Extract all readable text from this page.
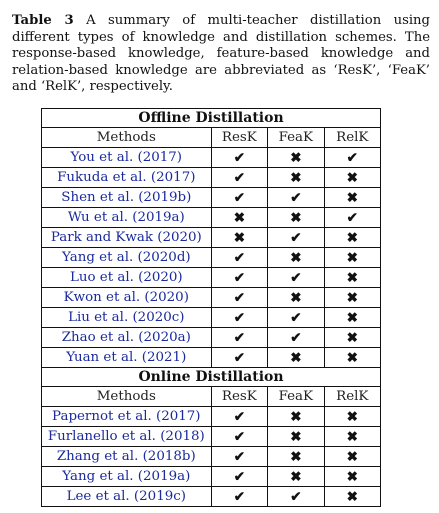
Table 3 A summary of multi-teacher distillation using different types of knowledge and distillation schemes. The response-based knowledge, feature-based knowledge and relation-based knowledge are abbreviated as ‘ResK’, ‘FeaK’ and ‘RelK’, respectively.
Offline Distillation			
Methods	ResK	FeaK	RelK
You et al. (2017)	✔	✖	✔
Fukuda et al. (2017)	✔	✖	✖
Shen et al. (2019b)	✔	✔	✖
Wu et al. (2019a)	✖	✖	✔
Park and Kwak (2020)	✖	✔	✖
Yang et al. (2020d)	✔	✖	✖
Luo et al. (2020)	✔	✔	✖
Kwon et al. (2020)	✔	✖	✖
Liu et al. (2020c)	✔	✔	✖
Zhao et al. (2020a)	✔	✔	✖
Yuan et al. (2021)	✔	✖	✖
Online Distillation			
Methods	ResK	FeaK	RelK
Papernot et al. (2017)	✔	✖	✖
Furlanello et al. (2018)	✔	✖	✖
Zhang et al. (2018b)	✔	✖	✖
Yang et al. (2019a)	✔	✖	✖
Lee et al. (2019c)	✔	✔	✖
